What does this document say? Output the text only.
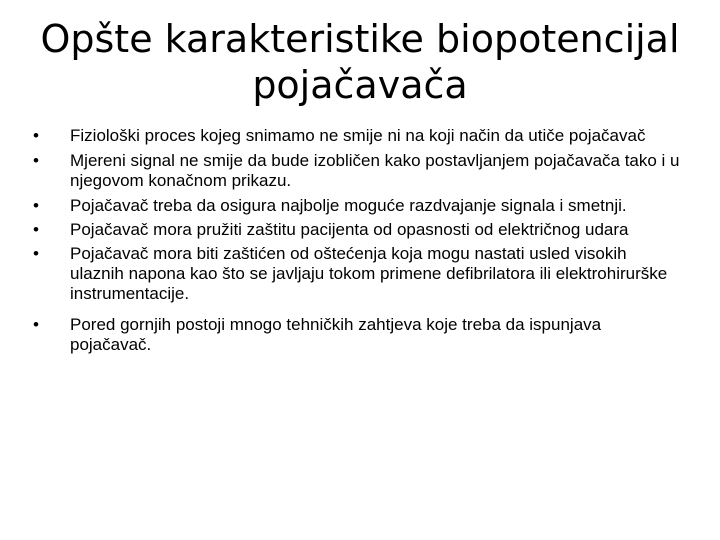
Opšte karakteristike biopotencijal
pojačavača
• Fiziološki proces kojeg snimamo ne smije ni na koji način da utiče pojačavač
• Mjereni signal ne smije da bude izobličen kako postavljanjem pojačavača tako i u njegovom konačnom prikazu.
• Pojačavač treba da osigura najbolje moguće razdvajanje signala i smetnji.
• Pojačavač mora pružiti zaštitu pacijenta od opasnosti od električnog udara
• Pojačavač mora biti zaštićen od oštećenja koja mogu nastati usled visokih ulaznih napona kao što se javljaju tokom primene defibrilatora ili elektrohirurške instrumentacije.
• Pored gornjih postoji mnogo tehničkih zahtjeva koje treba da ispunjava pojačavač.
